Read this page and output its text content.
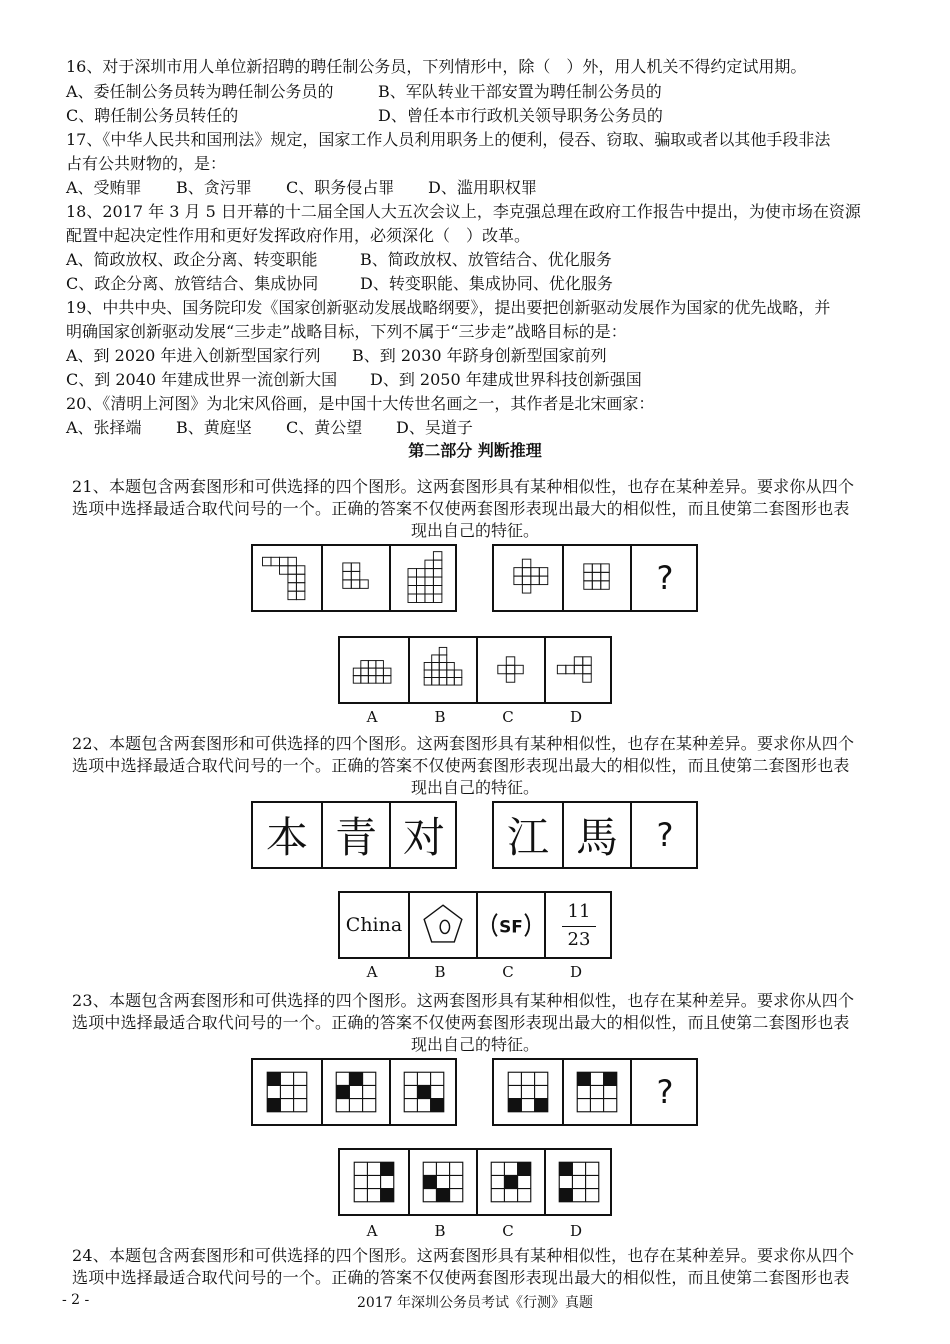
16、对于深圳市用人单位新招聘的聘任制公务员，下列情形中，除（　）外，用人机关不得约定试用期。
A、委任制公务员转为聘任制公务员的	B、军队转业干部安置为聘任制公务员的
C、聘任制公务员转任的	D、曾任本市行政机关领导职务公务员的
17、《中华人民共和国刑法》规定，国家工作人员利用职务上的便利，侵吞、窃取、骗取或者以其他手段非法
占有公共财物的，是：
A、受贿罪 B、贪污罪 C、职务侵占罪 D、滥用职权罪
18、2017 年 3 月 5 日开幕的十二届全国人大五次会议上，李克强总理在政府工作报告中提出，为使市场在资源
配置中起决定性作用和更好发挥政府作用，必须深化（　）改革。
A、简政放权、政企分离、转变职能	B、简政放权、放管结合、优化服务
C、政企分离、放管结合、集成协同	D、转变职能、集成协同、优化服务
19、中共中央、国务院印发《国家创新驱动发展战略纲要》，提出要把创新驱动发展作为国家的优先战略，并
明确国家创新驱动发展“三步走”战略目标，下列不属于“三步走”战略目标的是：
A、到 2020 年进入创新型国家行列 B、到 2030 年跻身创新型国家前列
C、到 2040 年建成世界一流创新大国 D、到 2050 年建成世界科技创新强国
20、《清明上河图》为北宋风俗画，是中国十大传世名画之一，其作者是北宋画家：
A、张择端 B、黄庭坚 C、黄公望 D、吴道子
第二部分 判断推理
21、本题包含两套图形和可供选择的四个图形。这两套图形具有某种相似性，也存在某种差异。要求你从四个
选项中选择最适合取代问号的一个。正确的答案不仅使两套图形表现出最大的相似性，而且使第二套图形也表
现出自己的特征。
?
A	B	C	D
22、本题包含两套图形和可供选择的四个图形。这两套图形具有某种相似性，也存在某种差异。要求你从四个
选项中选择最适合取代问号的一个。正确的答案不仅使两套图形表现出最大的相似性，而且使第二套图形也表
现出自己的特征。
本 青 对	江 馬	?
China	SF
11
23
A	B	C	D
23、本题包含两套图形和可供选择的四个图形。这两套图形具有某种相似性，也存在某种差异。要求你从四个
选项中选择最适合取代问号的一个。正确的答案不仅使两套图形表现出最大的相似性，而且使第二套图形也表
现出自己的特征。
?
A	B	C	D
24、本题包含两套图形和可供选择的四个图形。这两套图形具有某种相似性，也存在某种差异。要求你从四个
选项中选择最适合取代问号的一个。正确的答案不仅使两套图形表现出最大的相似性，而且使第二套图形也表
- 2 -	2017 年深圳公务员考试《行测》真题
